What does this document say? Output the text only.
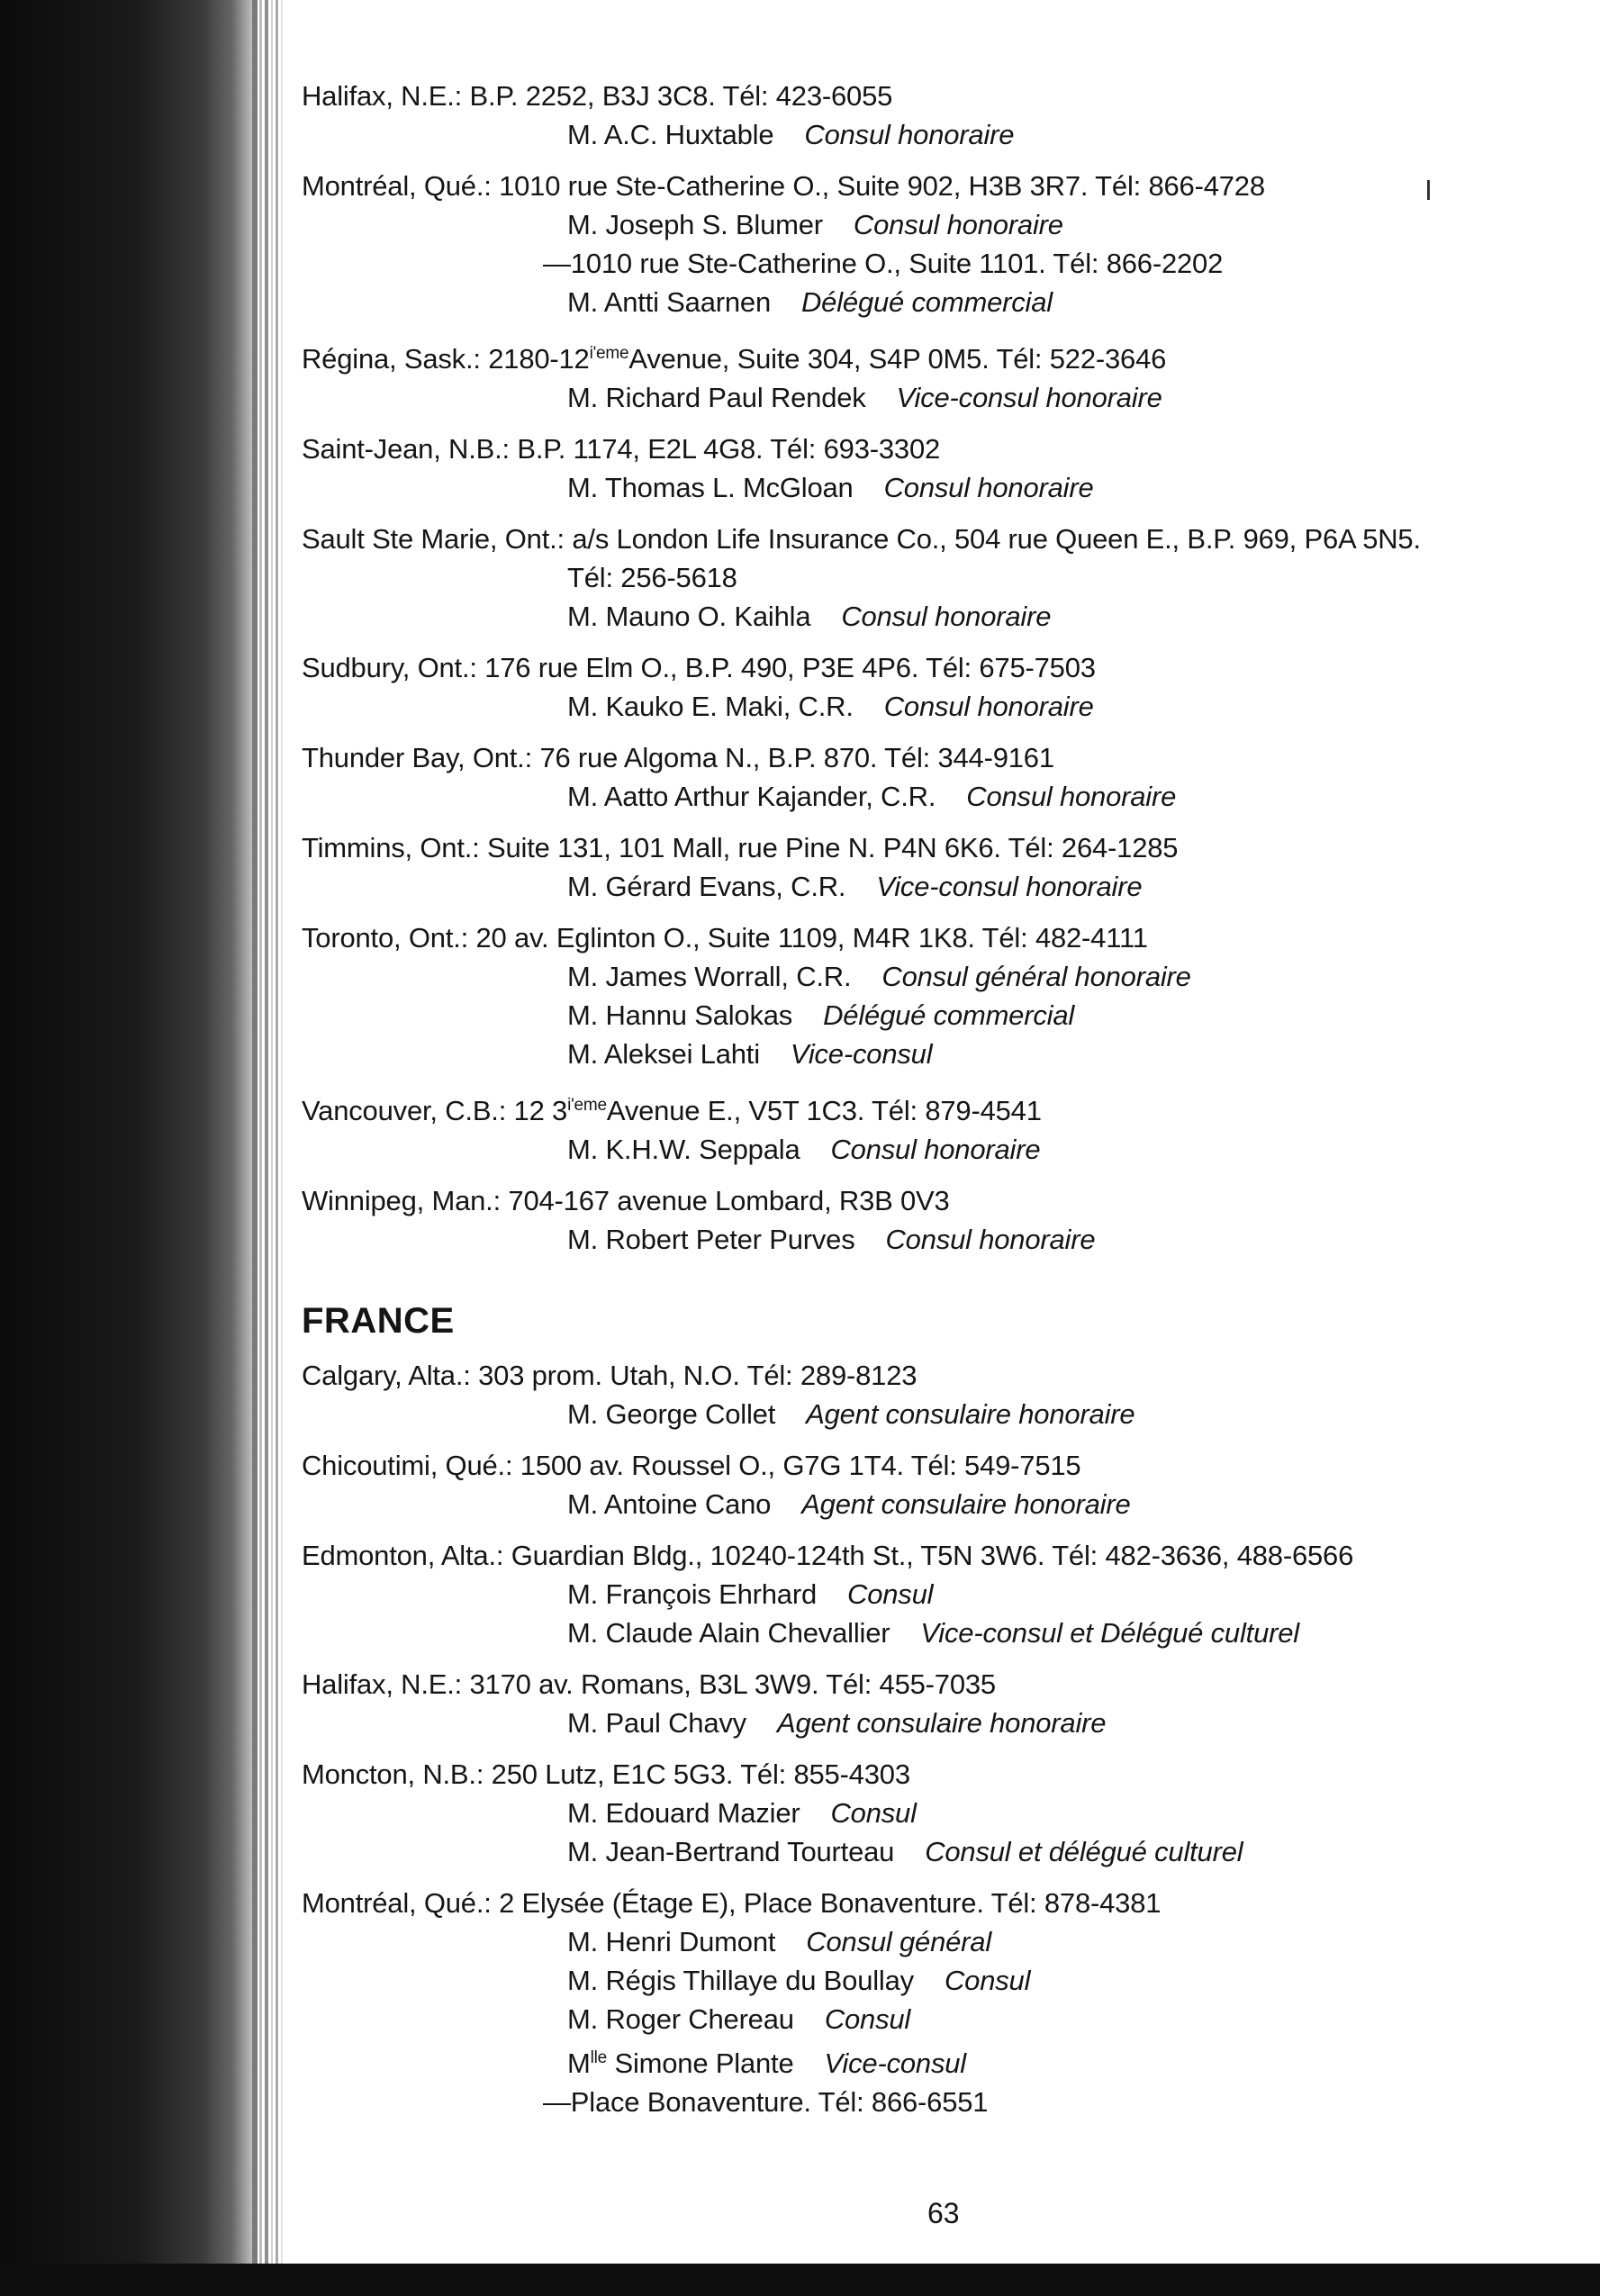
Halifax, N.E.: B.P. 2252, B3J 3C8. Tél: 423-6055
M. A.C. Huxtable Consul honoraire
Montréal, Qué.: 1010 rue Ste-Catherine O., Suite 902, H3B 3R7. Tél: 866-4728
M. Joseph S. Blumer Consul honoraire
—1010 rue Ste-Catherine O., Suite 1101. Tél: 866-2202
M. Antti Saarnen Délégué commercial
Régina, Sask.: $2180-12^{i'eme}Avenue$, Suite 304, S4P 0M5. Tél: 522-3646
M. Richard Paul Rendek Vice-consul honoraire
Saint-Jean, N.B.: B.P. 1174, E2L 4G8. Tél: 693-3302
M. Thomas L. McGloan Consul honoraire
Sault Ste Marie, Ont.: a/s London Life Insurance Co., 504 rue Queen E., B.P. 969, P6A 5N5.
Tél: 256-5618
M. Mauno O. Kaihla Consul honoraire
Sudbury, Ont.: 176 rue Elm O., B.P. 490, P3E 4P6. Tél: 675-7503
M. Kauko E. Maki, C.R. Consul honoraire
Thunder Bay, Ont.: 76 rue Algoma N., B.P. 870. Tél: 344-9161
M. Aatto Arthur Kajander, C.R. Consul honoraire
Timmins, Ont.: Suite 131, 101 Mall, rue Pine N. P4N 6K6. Tél: 264-1285
M. Gérard Evans, C.R. Vice-consul honoraire
Toronto, Ont.: 20 av. Eglinton O., Suite 1109, M4R 1K8. Tél: 482-4111
M. James Worrall, C.R. Consul général honoraire
M. Hannu Salokas Délégué commercial
M. Aleksei Lahti Vice-consul
Vancouver, C.B.: 12 $3^{i'eme}Avenue$ E., V5T 1C3. Tél: 879-4541
M. K.H.W. Seppala Consul honoraire
Winnipeg, Man.: 704-167 avenue Lombard, R3B 0V3
M. Robert Peter Purves Consul honoraire
FRANCE
Calgary, Alta.: 303 prom. Utah, N.O. Tél: 289-8123
M. George Collet Agent consulaire honoraire
Chicoutimi, Qué.: 1500 av. Roussel O., G7G 1T4. Tél: 549-7515
M. Antoine Cano Agent consulaire honoraire
Edmonton, Alta.: Guardian Bldg., 10240-124th St., T5N 3W6. Tél: 482-3636, 488-6566
M. François Ehrhard Consul
M. Claude Alain Chevallier Vice-consul et Délégué culturel
Halifax, N.E.: 3170 av. Romans, B3L 3W9. Tél: 455-7035
M. Paul Chavy Agent consulaire honoraire
Moncton, N.B.: 250 Lutz, E1C 5G3. Tél: 855-4303
M. Edouard Mazier Consul
M. Jean-Bertrand Tourteau Consul et délégué culturel
Montréal, Qué.: 2 Elysée (Étage E), Place Bonaventure. Tél: 878-4381
M. Henri Dumont Consul général
M. Régis Thillaye du Boullay Consul
M. Roger Chereau Consul
$M^{lle}$ Simone Plante Vice-consul
—Place Bonaventure. Tél: 866-6551
63
